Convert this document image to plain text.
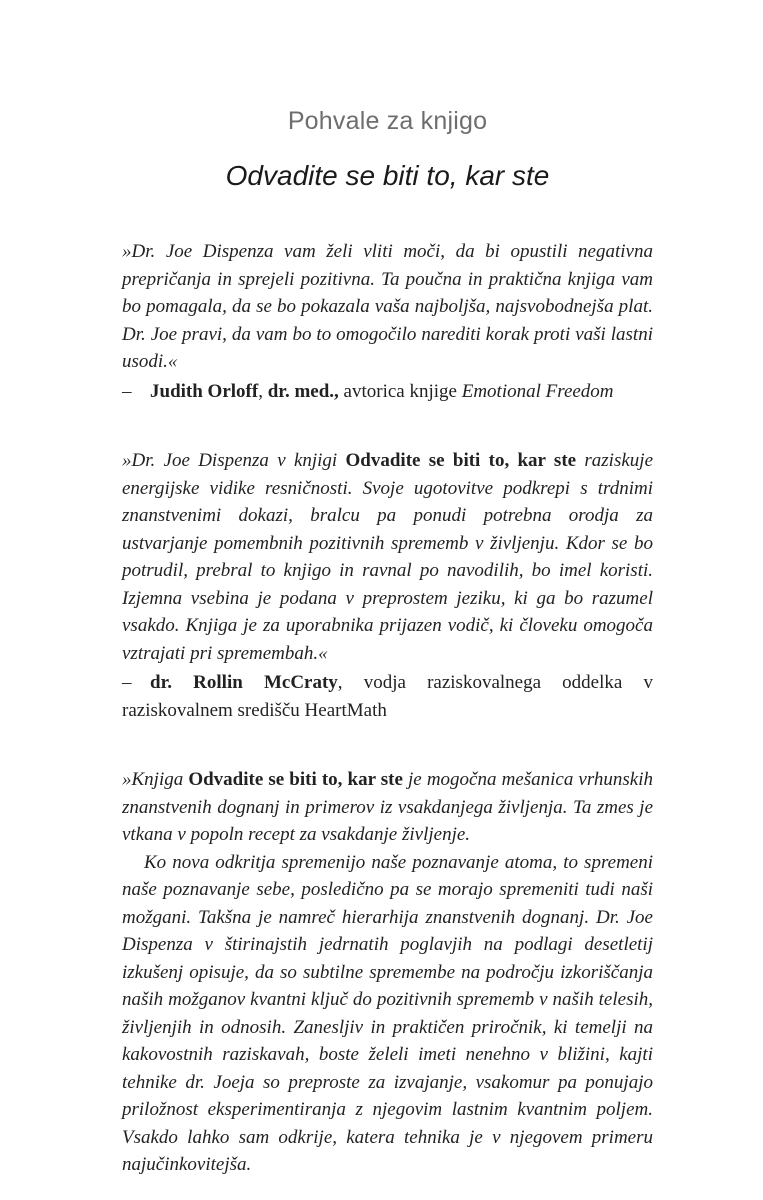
Pohvale za knjigo
Odvadite se biti to, kar ste

»Dr. Joe Dispenza vam želi vliti moči, da bi opustili negativna prepričanja in sprejeli pozitivna. Ta poučna in praktična knjiga vam bo pomagala, da se bo pokazala vaša najboljša, najsvobodnejša plat. Dr. Joe pravi, da vam bo to omogočilo narediti korak proti vaši lastni usodi.«

– Judith Orloff, dr. med., avtorica knjige Emotional Freedom

»Dr. Joe Dispenza v knjigi Odvadite se biti to, kar ste raziskuje energijske vidike resničnosti. Svoje ugotovitve podkrepi s trdnimi znanstvenimi dokazi, bralcu pa ponudi potrebna orodja za ustvarjanje pomembnih pozitivnih sprememb v življenju. Kdor se bo potrudil, prebral to knjigo in ravnal po navodilih, bo imel koristi. Izjemna vsebina je podana v preprostem jeziku, ki ga bo razumel vsakdo. Knjiga je za uporabnika prijazen vodič, ki človeku omogoča vztrajati pri spremembah.«

– dr. Rollin McCraty, vodja raziskovalnega oddelka v raziskovalnem središču HeartMath

»Knjiga Odvadite se biti to, kar ste je mogočna mešanica vrhunskih znanstvenih dognanj in primerov iz vsakdanjega življenja. Ta zmes je vtkana v popoln recept za vsakdanje življenje.

Ko nova odkritja spremenijo naše poznavanje atoma, to spremeni naše poznavanje sebe, posledično pa se morajo spremeniti tudi naši možgani. Takšna je namreč hierarhija znanstvenih dognanj. Dr. Joe Dispenza v štirinajstih jedrnatih poglavjih na podlagi desetletij izkušenj opisuje, da so subtilne spremembe na področju izkoriščanja naših možganov kvantni ključ do pozitivnih sprememb v naših telesih, življenjih in odnosih. Zanesljiv in praktičen priročnik, ki temelji na kakovostnih raziskavah, boste želeli imeti nenehno v bližini, kajti tehnike dr. Joeja so preproste za izvajanje, vsakomur pa ponujajo priložnost eksperimentiranja z njegovim lastnim kvantnim poljem. Vsakdo lahko sam odkrije, katera tehnika je v njegovem primeru najučinkovitejša.
